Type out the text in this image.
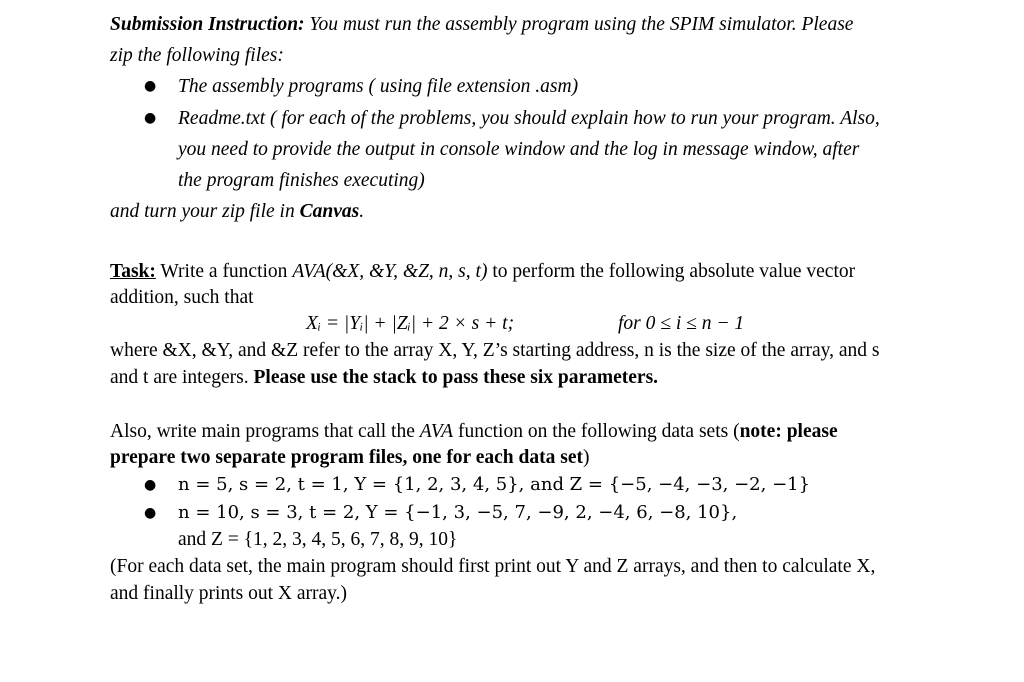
Submission Instruction: You must run the assembly program using the SPIM simulator. Please
zip the following files:
● The assembly programs ( using file extension .asm)
● Readme.txt ( for each of the problems, you should explain how to run your program. Also,
you need to provide the output in console window and the log in message window, after
the program finishes executing)
and turn your zip file in Canvas.
Task: Write a function AVA(&X, &Y, &Z, n, s, t) to perform the following absolute value vector
addition, such that
Xᵢ = |Yᵢ| + |Zᵢ| + 2 × s + t;	for 0 ≤ i ≤ n − 1
where &X, &Y, and &Z refer to the array X, Y, Z’s starting address, n is the size of the array, and s
and t are integers. Please use the stack to pass these six parameters.
Also, write main programs that call the AVA function on the following data sets (note: please
prepare two separate program files, one for each data set)
● n = 5, s = 2, t = 1, Y = {1, 2, 3, 4, 5}, and Z = {−5, −4, −3, −2, −1}
● n = 10, s = 3, t = 2, Y = {−1, 3, −5, 7, −9, 2, −4, 6, −8, 10},
and Z = {1, 2, 3, 4, 5, 6, 7, 8, 9, 10}
(For each data set, the main program should first print out Y and Z arrays, and then to calculate X,
and finally prints out X array.)
